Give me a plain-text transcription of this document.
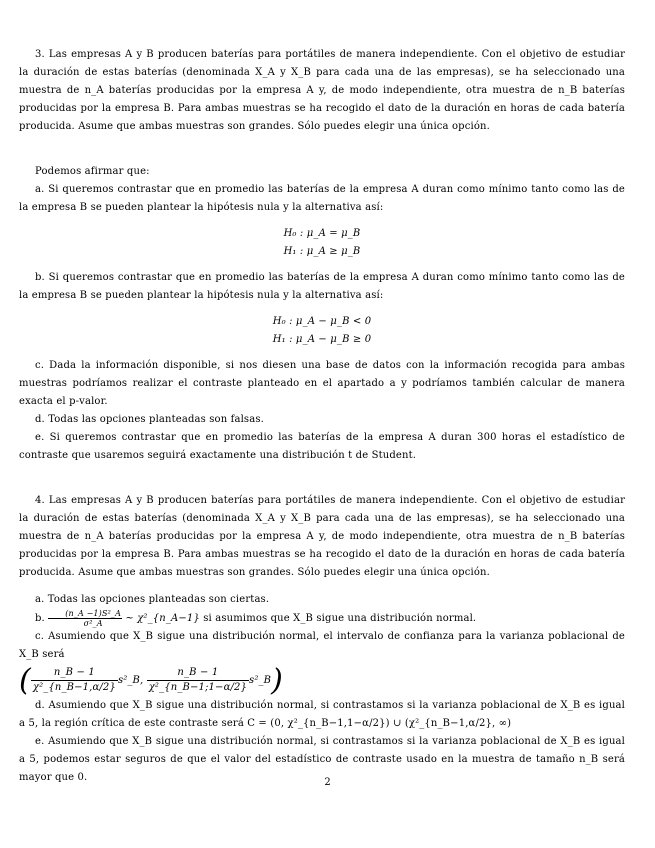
3. Las empresas A y B producen baterías para portátiles de manera independiente. Con el objetivo de estudiar la duración de estas baterías (denominada X_A y X_B para cada una de las empresas), se ha seleccionado una muestra de n_A baterías producidas por la empresa A y, de modo independiente, otra muestra de n_B baterías producidas por la empresa B. Para ambas muestras se ha recogido el dato de la duración en horas de cada batería producida. Asume que ambas muestras son grandes. Sólo puedes elegir una única opción.

Podemos afirmar que:

a. Si queremos contrastar que en promedio las baterías de la empresa A duran como mínimo tanto como las de la empresa B se pueden plantear la hipótesis nula y la alternativa así:

H₀ : μ_A = μ_B
H₁ : μ_A ≥ μ_B

b. Si queremos contrastar que en promedio las baterías de la empresa A duran como mínimo tanto como las de la empresa B se pueden plantear la hipótesis nula y la alternativa así:

H₀ : μ_A − μ_B < 0
H₁ : μ_A − μ_B ≥ 0

c. Dada la información disponible, si nos diesen una base de datos con la información recogida para ambas muestras podríamos realizar el contraste planteado en el apartado a y podríamos también calcular de manera exacta el p-valor.

d. Todas las opciones planteadas son falsas.

e. Si queremos contrastar que en promedio las baterías de la empresa A duran 300 horas el estadístico de contraste que usaremos seguirá exactamente una distribución t de Student.

4. Las empresas A y B producen baterías para portátiles de manera independiente. Con el objetivo de estudiar la duración de estas baterías (denominada X_A y X_B para cada una de las empresas), se ha seleccionado una muestra de n_A baterías producidas por la empresa A y, de modo independiente, otra muestra de n_B baterías producidas por la empresa B. Para ambas muestras se ha recogido el dato de la duración en horas de cada batería producida. Asume que ambas muestras son grandes. Sólo puedes elegir una única opción.

a. Todas las opciones planteadas son ciertas.

b. $\frac{\text{(n\_A −1)S²\_A}}{\text{σ²\_A}}$ ~ χ²_{n_A−1} si asumimos que X_B sigue una distribución normal.

c. Asumiendo que X_B sigue una distribución normal, el intervalo de confianza para la varianza poblacional de X_B será

( $\frac{n\_B - 1}{\text{χ²\_\{n\_B−1,α/2\}}}$ s²_B , $\frac{n\_B - 1}{\text{χ²\_\{n\_B−1;1−α/2\}}}$ s²_B )

d. Asumiendo que X_B sigue una distribución normal, si contrastamos si la varianza poblacional de X_B es igual a 5, la región crítica de este contraste será C = (0, χ²_{n_B−1,1−α/2}) ∪ (χ²_{n_B−1,α/2}, ∞)

e. Asumiendo que X_B sigue una distribución normal, si contrastamos si la varianza poblacional de X_B es igual a 5, podemos estar seguros de que el valor del estadístico de contraste usado en la muestra de tamaño n_B será mayor que 0.	2
